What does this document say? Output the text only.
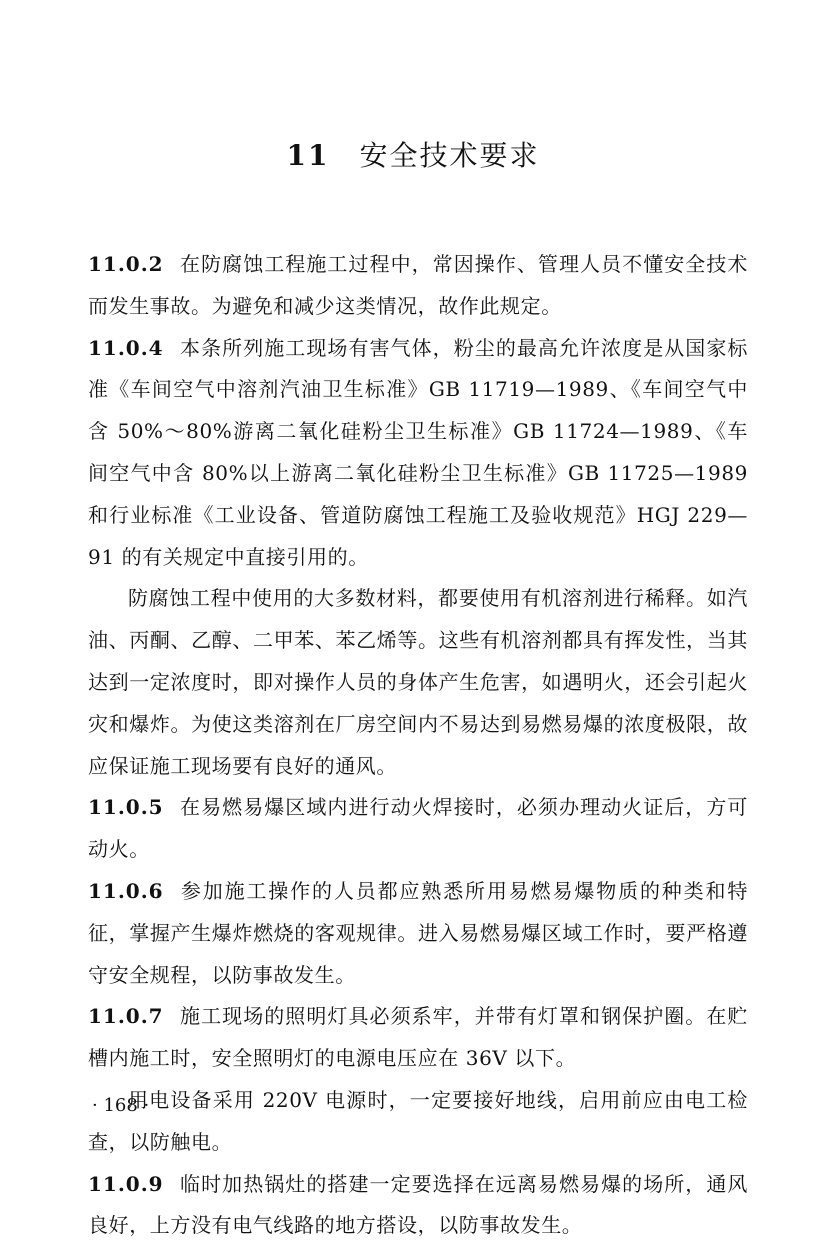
11 安全技术要求

11.0.2 在防腐蚀工程施工过程中，常因操作、管理人员不懂安全技术而发生事故。为避免和减少这类情况，故作此规定。

11.0.4 本条所列施工现场有害气体，粉尘的最高允许浓度是从国家标准《车间空气中溶剂汽油卫生标准》GB 11719—1989、《车间空气中含 50%～80%游离二氧化硅粉尘卫生标准》GB 11724—1989、《车间空气中含 80%以上游离二氧化硅粉尘卫生标准》GB 11725—1989 和行业标准《工业设备、管道防腐蚀工程施工及验收规范》HGJ 229—91 的有关规定中直接引用的。

防腐蚀工程中使用的大多数材料，都要使用有机溶剂进行稀释。如汽油、丙酮、乙醇、二甲苯、苯乙烯等。这些有机溶剂都具有挥发性，当其达到一定浓度时，即对操作人员的身体产生危害，如遇明火，还会引起火灾和爆炸。为使这类溶剂在厂房空间内不易达到易燃易爆的浓度极限，故应保证施工现场要有良好的通风。

11.0.5 在易燃易爆区域内进行动火焊接时，必须办理动火证后，方可动火。

11.0.6 参加施工操作的人员都应熟悉所用易燃易爆物质的种类和特征，掌握产生爆炸燃烧的客观规律。进入易燃易爆区域工作时，要严格遵守安全规程，以防事故发生。

11.0.7 施工现场的照明灯具必须系牢，并带有灯罩和钢保护圈。在贮槽内施工时，安全照明灯的电源电压应在 36V 以下。

用电设备采用 220V 电源时，一定要接好地线，启用前应由电工检查，以防触电。

11.0.9 临时加热锅灶的搭建一定要选择在远离易燃易爆的场所，通风良好，上方没有电气线路的地方搭设，以防事故发生。

· 168 ·
